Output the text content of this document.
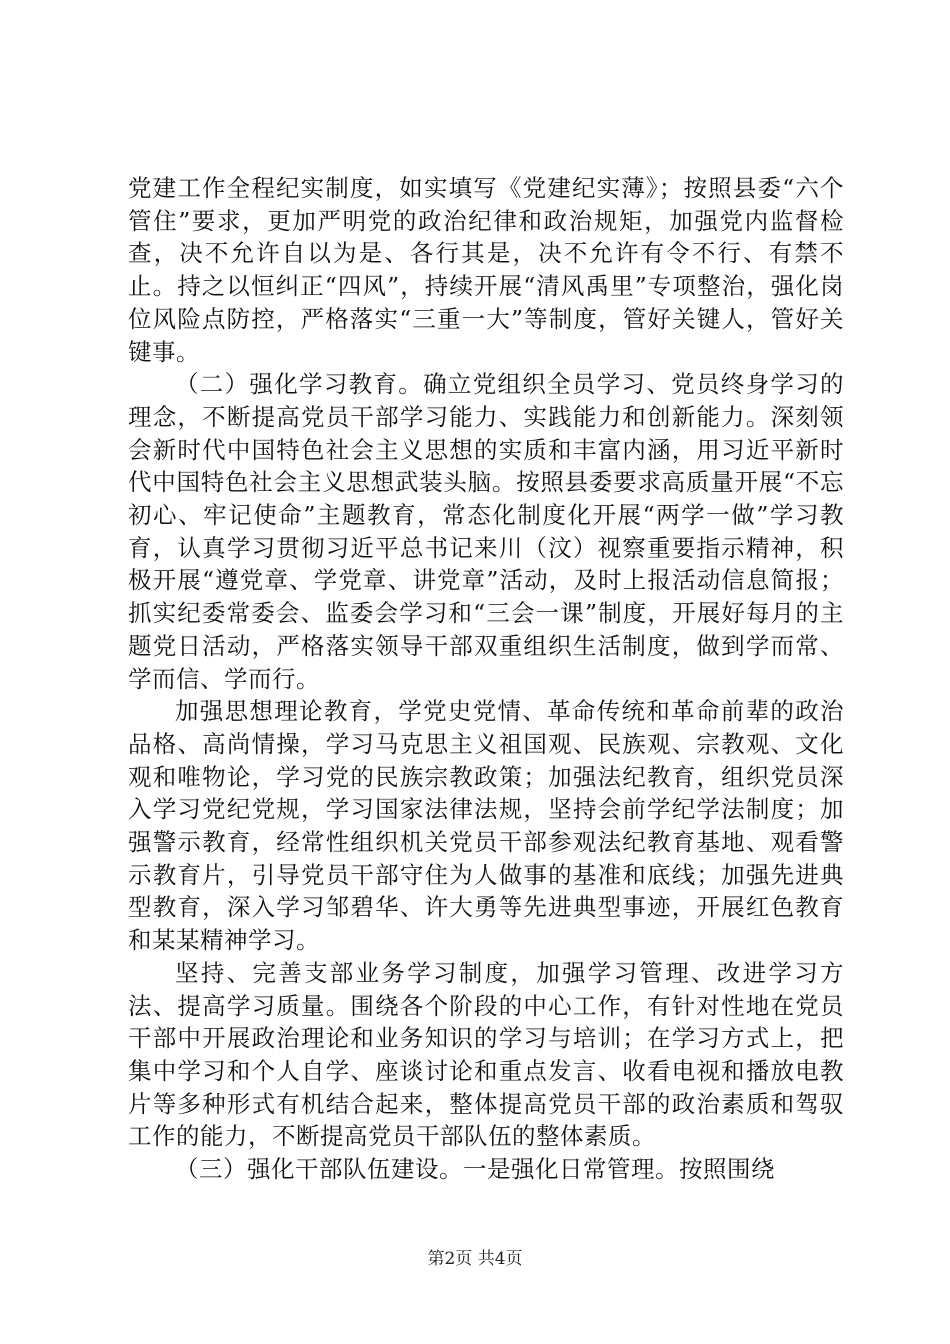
党建工作全程纪实制度，如实填写《党建纪实薄》；按照县委“六个管住”要求，更加严明党的政治纪律和政治规矩，加强党内监督检查，决不允许自以为是、各行其是，决不允许有令不行、有禁不止。持之以恒纠正“四风”，持续开展“清风禹里”专项整治，强化岗位风险点防控，严格落实“三重一大”等制度，管好关键人，管好关键事。

（二）强化学习教育。确立党组织全员学习、党员终身学习的理念，不断提高党员干部学习能力、实践能力和创新能力。深刻领会新时代中国特色社会主义思想的实质和丰富内涵，用习近平新时代中国特色社会主义思想武装头脑。按照县委要求高质量开展“不忘初心、牢记使命”主题教育，常态化制度化开展“两学一做”学习教育，认真学习贯彻习近平总书记来川（汶）视察重要指示精神，积极开展“遵党章、学党章、讲党章”活动，及时上报活动信息简报；抓实纪委常委会、监委会学习和“三会一课”制度，开展好每月的主题党日活动，严格落实领导干部双重组织生活制度，做到学而常、学而信、学而行。

加强思想理论教育，学党史党情、革命传统和革命前辈的政治品格、高尚情操，学习马克思主义祖国观、民族观、宗教观、文化观和唯物论，学习党的民族宗教政策；加强法纪教育，组织党员深入学习党纪党规，学习国家法律法规，坚持会前学纪学法制度；加强警示教育，经常性组织机关党员干部参观法纪教育基地、观看警示教育片，引导党员干部守住为人做事的基准和底线；加强先进典型教育，深入学习邹碧华、许大勇等先进典型事迹，开展红色教育和某某精神学习。

坚持、完善支部业务学习制度，加强学习管理、改进学习方法、提高学习质量。围绕各个阶段的中心工作，有针对性地在党员干部中开展政治理论和业务知识的学习与培训；在学习方式上，把集中学习和个人自学、座谈讨论和重点发言、收看电视和播放电教片等多种形式有机结合起来，整体提高党员干部的政治素质和驾驭工作的能力，不断提高党员干部队伍的整体素质。

（三）强化干部队伍建设。一是强化日常管理。按照围绕

第2页 共4页
